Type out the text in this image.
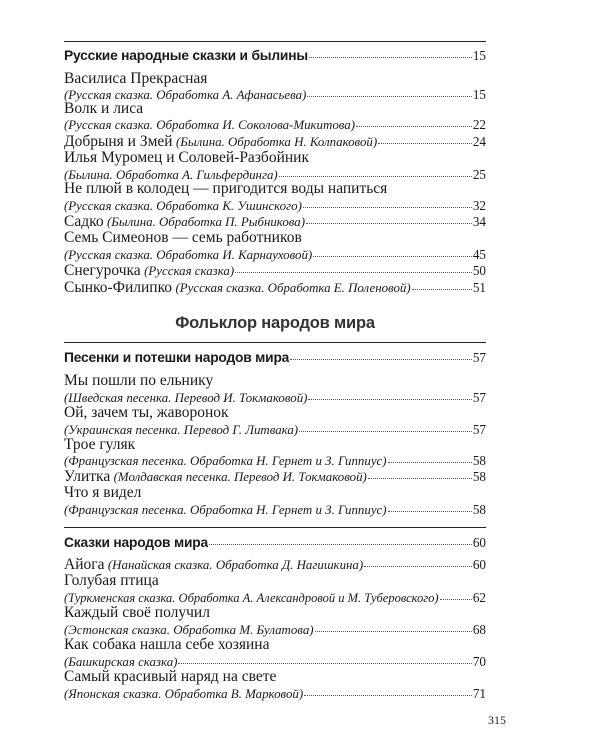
Русские народные сказки и былины	15
Василиса Прекрасная
(Русская сказка. Обработка А. Афанасьева)	15
Волк и лиса
(Русская сказка. Обработка И. Соколова-Микитова)	22
Добрыня и Змей
(Былина. Обработка Н. Колпаковой)	24
Илья Муромец и Соловей-Разбойник
(Былина. Обработка А. Гильфердинга)	25
Не плюй в колодец — пригодится воды напиться
(Русская сказка. Обработка К. Ушинского)	32
Садко
(Былина. Обработка П. Рыбникова)	34
Семь Симеонов — семь работников
(Русская сказка. Обработка И. Карнауховой)	45
Снегурочка
(Русская сказка)	50
Сынко-Филипко
(Русская сказка. Обработка Е. Поленовой)	51
Фольклор народов мира
Песенки и потешки народов мира	57
Мы пошли по ельнику
(Шведская песенка. Перевод И. Токмаковой)	57
Ой, зачем ты, жаворонок
(Украинская песенка. Перевод Г. Литвака)	57
Трое гуляк
(Французская песенка. Обработка Н. Гернет и З. Гиппиус)	58
Улитка
(Молдавская песенка. Перевод И. Токмаковой)	58
Что я видел
(Французская песенка. Обработка Н. Гернет и З. Гиппиус)	58
Сказки народов мира	60
Айога
(Нанайская сказка. Обработка Д. Нагишкина)	60
Голубая птица
(Туркменская сказка. Обработка А. Александровой и М. Туберовского)	62
Каждый своё получил
(Эстонская сказка. Обработка М. Булатова)	68
Как собака нашла себе хозяина
(Башкирская сказка)	70
Самый красивый наряд на свете
(Японская сказка. Обработка В. Марковой)	71
315
